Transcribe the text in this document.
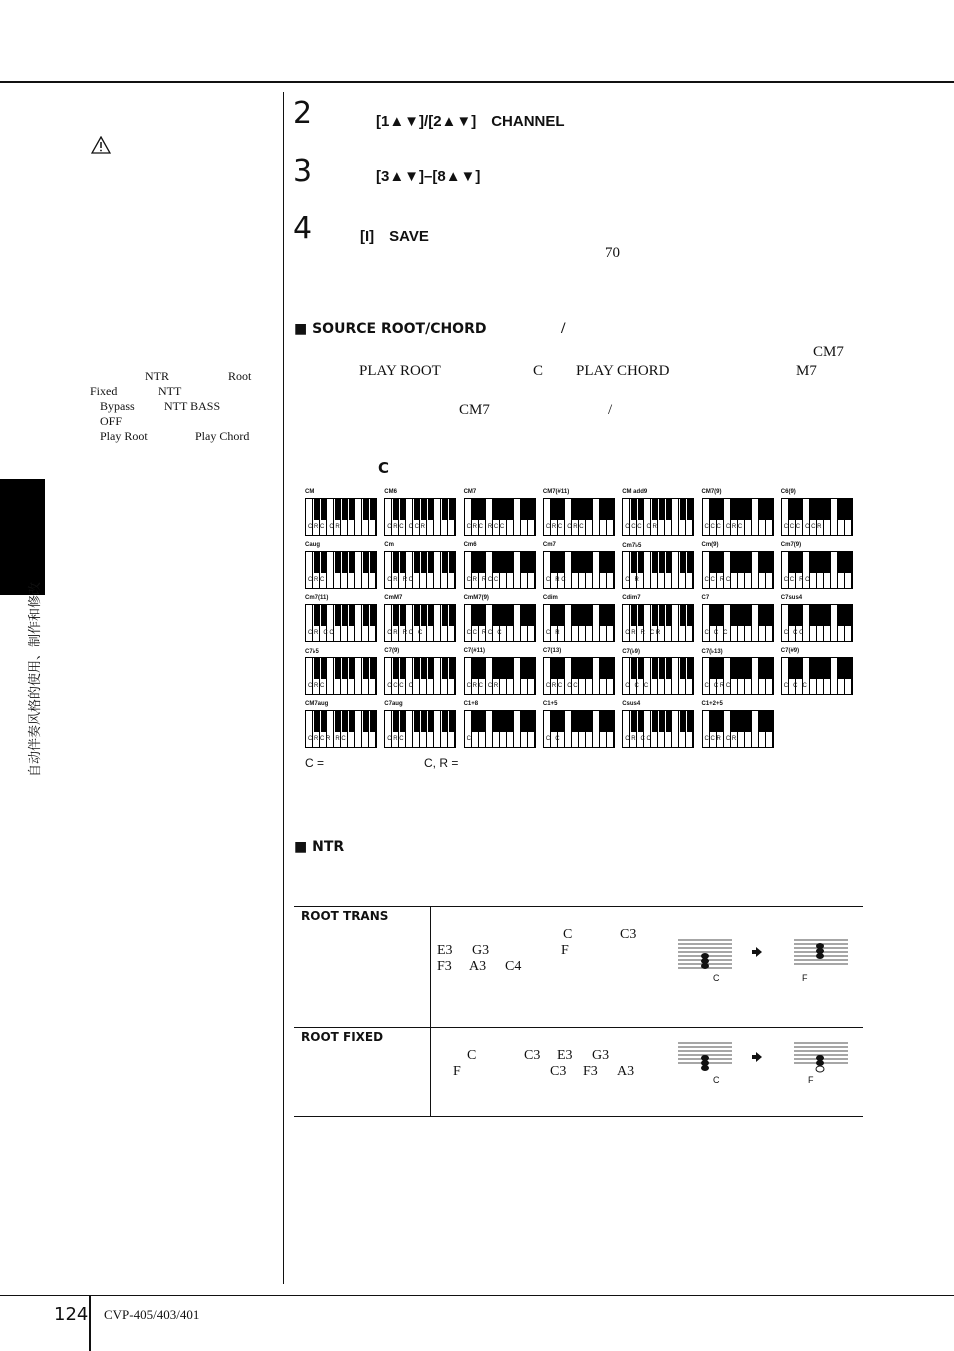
自动伴奏风格的使用、制作和修改
NTR	Root
Fixed	NTT
Bypass NTT BASS
OFF
Play Root	Play Chord
2	[1▲▼]/[2▲▼]　CHANNEL
3	[3▲▼]–[8▲▼]
4	[I]　SAVE
70
■ SOURCE ROOT/CHORD	/
CM7
PLAY ROOT	C PLAY CHORD	M7
CM7	/
C
CM
C R C   C R
CM6
C R C   C C R
CM7
C R C   R C C
CM7(#11)
C R C   C R C
CM add9
C C C   C R
CM7(9)
C C C   C R C
C6(9)
C C C   C C R
Caug
C R C
Cm
C R   R C
Cm6
C R   R C C
Cm7
C   R C
Cm7♭5
C   R
Cm(9)
C C   R C
Cm7(9)
C C   R C
Cm7(11)
C R   C C
CmM7
C R   R C   C
CmM7(9)
C C   R C   C
Cdim
C   R
Cdim7
C R   R   C R
C7
C   C   C
C7sus4
C   C C
C7♭5
C R C
C7(9)
C C C   C
C7(#11)
C R C   C R
C7(13)
C R C   C C
C7(♭9)
C   C   C
C7(♭13)
C   C R C
C7(#9)
C   C   C
CM7aug
C R C R   R C
C7aug
C R C
C1+8
C
C1+5
C   C
Csus4
C R   C C
C1+2+5
C C R   C R
C =	C, R =
■ NTR
ROOT TRANS
C	C3
E3 G3	F
F3 A3 C4
C	F
ROOT FIXED
C	C3 E3 G3
F	C3 F3 A3
C	F
124 CVP-405/403/401
